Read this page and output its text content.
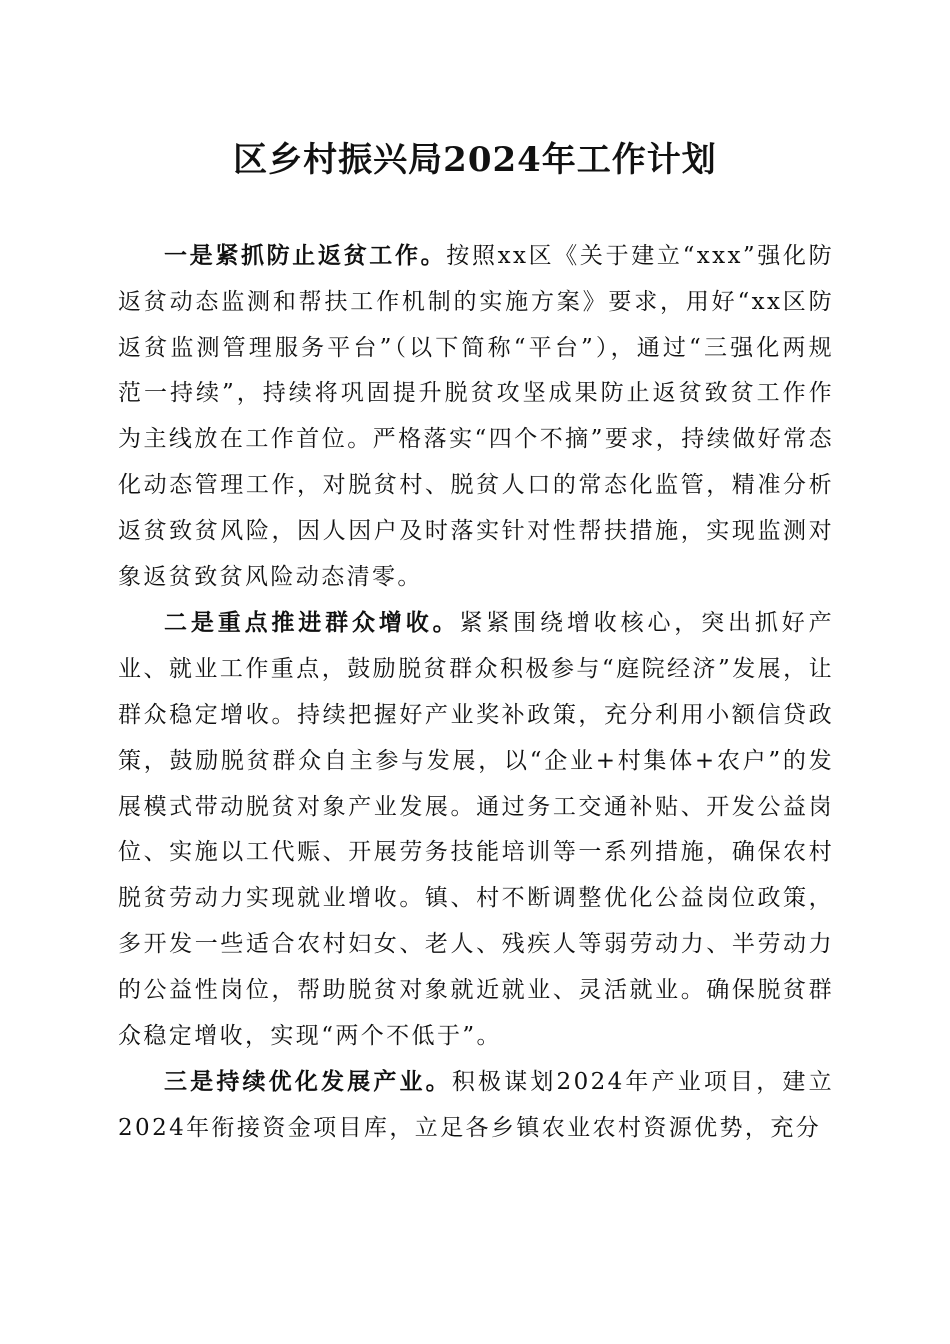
区乡村振兴局2024年工作计划

一是紧抓防止返贫工作。按照xx区《关于建立“xxx”强化防返贫动态监测和帮扶工作机制的实施方案》要求，用好“xx区防返贫监测管理服务平台”（以下简称“平台”），通过“三强化两规范一持续”，持续将巩固提升脱贫攻坚成果防止返贫致贫工作作为主线放在工作首位。严格落实“四个不摘”要求，持续做好常态化动态管理工作，对脱贫村、脱贫人口的常态化监管，精准分析返贫致贫风险，因人因户及时落实针对性帮扶措施，实现监测对象返贫致贫风险动态清零。

二是重点推进群众增收。紧紧围绕增收核心，突出抓好产业、就业工作重点，鼓励脱贫群众积极参与“庭院经济”发展，让群众稳定增收。持续把握好产业奖补政策，充分利用小额信贷政策，鼓励脱贫群众自主参与发展，以“企业+村集体+农户”的发展模式带动脱贫对象产业发展。通过务工交通补贴、开发公益岗位、实施以工代赈、开展劳务技能培训等一系列措施，确保农村脱贫劳动力实现就业增收。镇、村不断调整优化公益岗位政策，多开发一些适合农村妇女、老人、残疾人等弱劳动力、半劳动力的公益性岗位，帮助脱贫对象就近就业、灵活就业。确保脱贫群众稳定增收，实现“两个不低于”。

三是持续优化发展产业。积极谋划2024年产业项目，建立2024年衔接资金项目库，立足各乡镇农业农村资源优势，充分
